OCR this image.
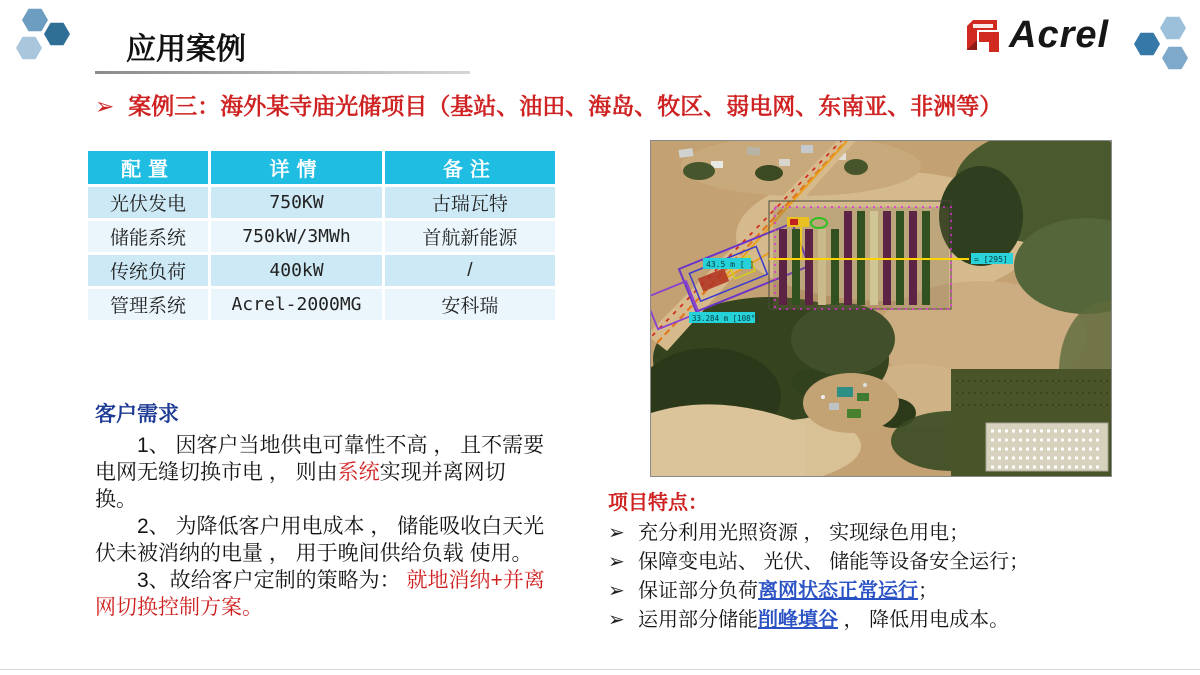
应用案例	Acrel
➢ 案例三：海外某寺庙光储项目（基站、油田、海岛、牧区、弱电网、东南亚、非洲等）
配置	详情	备注
光伏发电	750KW	古瑞瓦特
储能系统	750kW/3MWh	首航新能源
传统负荷	400kW	/
管理系统	Acrel-2000MG	安科瑞
43.5 m [ ]
33.284 m [108°]
= [295]
客户需求

1、 因客户当地供电可靠性不高 ， 且不需要电网无缝切换市电 ， 则由系统实现并离网切换。

2、 为降低客户用电成本 ， 储能吸收白天光伏未被消纳的电量 ， 用于晚间供给负载 使用。

3、故给客户定制的策略为： 就地消纳+并离网切换控制方案。

项目特点：
➢ 充分利用光照资源 ， 实现绿色用电；
➢ 保障变电站、 光伏、 储能等设备安全运行；
➢ 保证部分负荷离网状态正常运行；
➢ 运用部分储能削峰填谷 ， 降低用电成本。
